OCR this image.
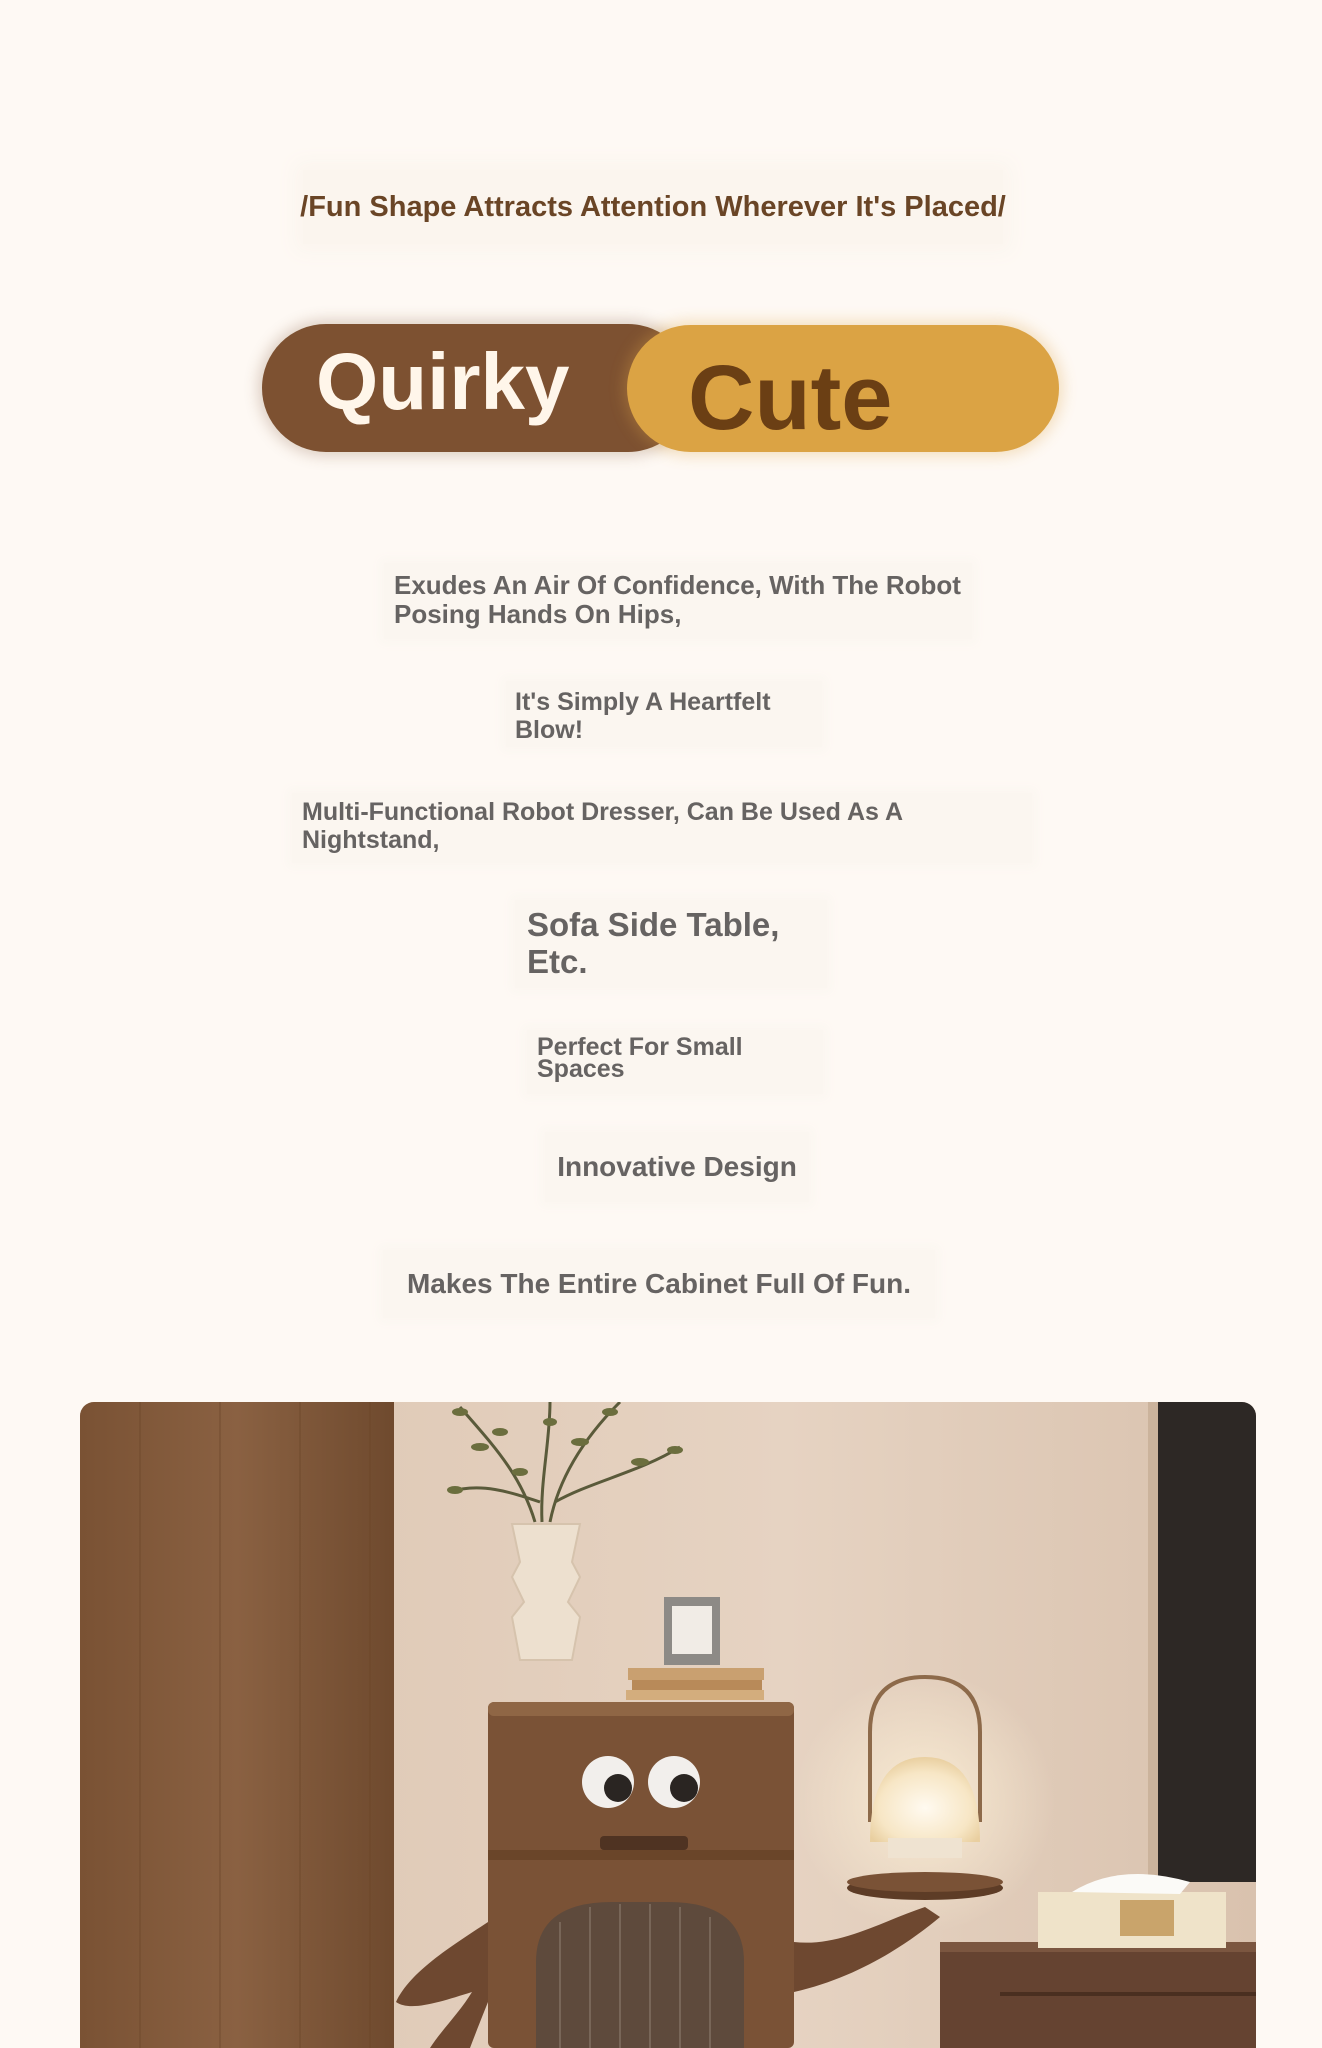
/Fun Shape Attracts Attention Wherever It's Placed/
Quirky Cute
Exudes An Air Of Confidence, With The Robot
Posing Hands On Hips,
It's Simply A Heartfelt
Blow!
Multi-Functional Robot Dresser, Can Be Used As A
Nightstand,
Sofa Side Table,
Etc.
Perfect For Small
Spaces
Innovative Design
Makes The Entire Cabinet Full Of Fun.
